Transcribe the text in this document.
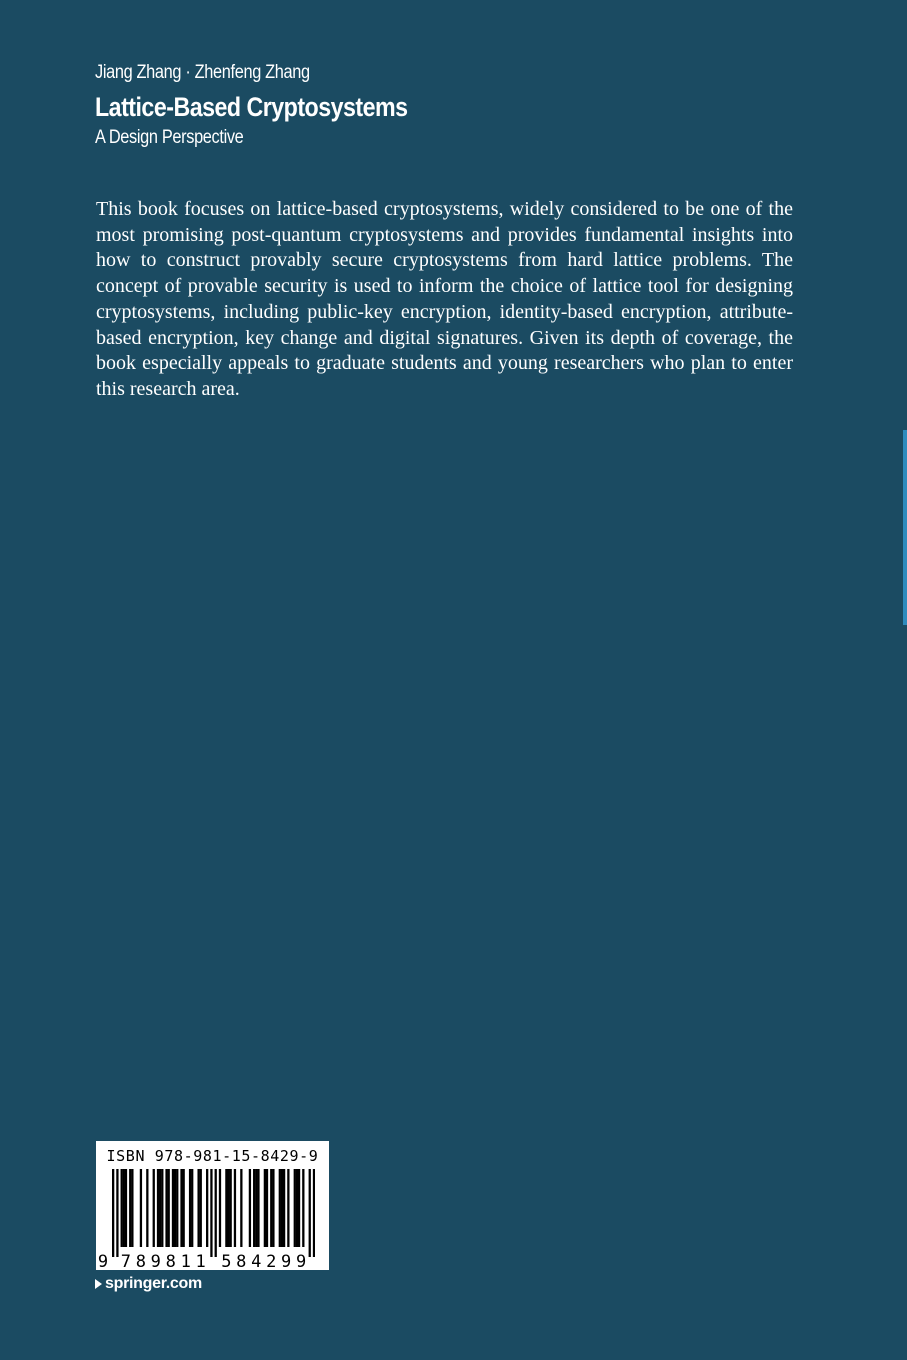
Jiang Zhang · Zhenfeng Zhang
Lattice-Based Cryptosystems
A Design Perspective

This book focuses on lattice-based cryptosystems, widely considered to be one of the most promising post-quantum cryptosystems and provides fundamental insights into how to construct provably secure cryptosystems from hard lattice problems. The concept of provable security is used to inform the choice of lattice tool for designing cryptosystems, including public-key encryption, identity-based encryption, attribute-based encryption, key change and digital signatures. Given its depth of coverage, the book especially appeals to graduate students and young researchers who plan to enter this research area.

ISBN 978-981-15-8429-9
9 7 8 9 8 1 1 5 8 4 2 9 9
springer.com
